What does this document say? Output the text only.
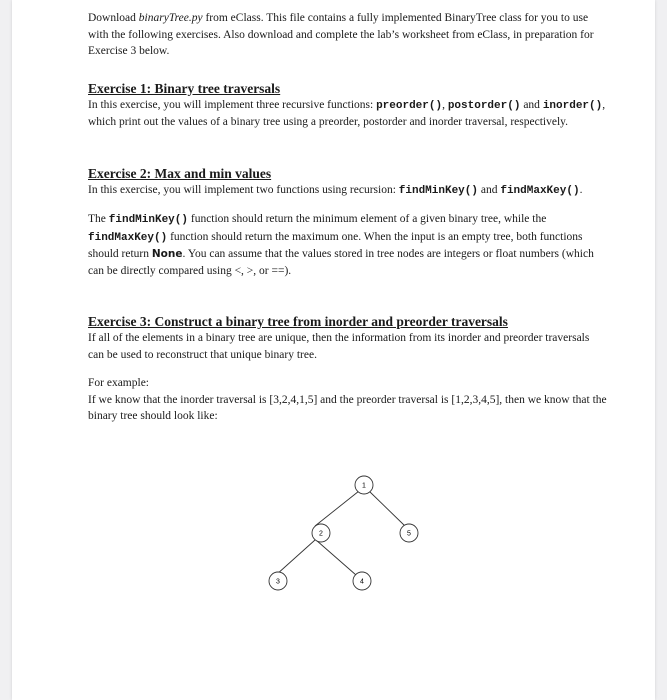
Download binaryTree.py from eClass. This file contains a fully implemented BinaryTree class for you to use with the following exercises. Also download and complete the lab’s worksheet from eClass, in preparation for Exercise 3 below.

Exercise 1: Binary tree traversals

In this exercise, you will implement three recursive functions: preorder(), postorder() and inorder(), which print out the values of a binary tree using a preorder, postorder and inorder traversal, respectively.

Exercise 2: Max and min values

In this exercise, you will implement two functions using recursion: findMinKey() and findMaxKey().

The findMinKey() function should return the minimum element of a given binary tree, while the findMaxKey() function should return the maximum one. When the input is an empty tree, both functions should return None. You can assume that the values stored in tree nodes are integers or float numbers (which can be directly compared using <, >, or ==).

Exercise 3: Construct a binary tree from inorder and preorder traversals

If all of the elements in a binary tree are unique, then the information from its inorder and preorder traversals can be used to reconstruct that unique binary tree.

For example:

If we know that the inorder traversal is [3,2,4,1,5] and the preorder traversal is [1,2,3,4,5], then we know that the binary tree should look like:

1
2	5
3	4
